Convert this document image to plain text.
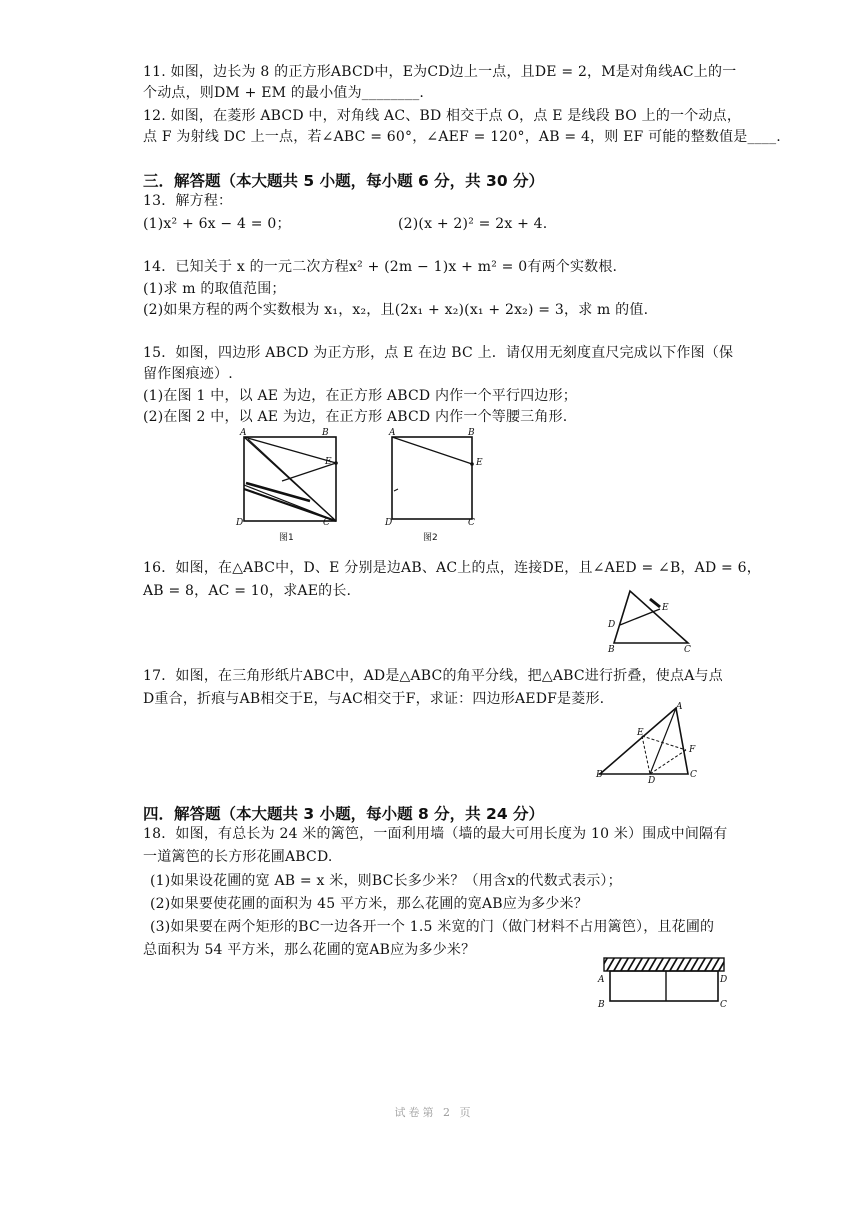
11. 如图，边长为 8 的正方形ABCD中，E为CD边上一点，且DE = 2，M是对角线AC上的一
个动点，则DM + EM 的最小值为________.
12. 如图，在菱形 ABCD 中，对角线 AC、BD 相交于点 O，点 E 是线段 BO 上的一个动点，
点 F 为射线 DC 上一点，若∠ABC = 60°，∠AEF = 120°，AB = 4，则 EF 可能的整数值是____.
三．解答题（本大题共 5 小题，每小题 6 分，共 30 分）
13．解方程：
(1)x² + 6x − 4 = 0；	(2)(x + 2)² = 2x + 4.
14．已知关于 x 的一元二次方程x² + (2m − 1)x + m² = 0有两个实数根.
(1)求 m 的取值范围；
(2)如果方程的两个实数根为 x₁，x₂，且(2x₁ + x₂)(x₁ + 2x₂) = 3，求 m 的值.
15．如图，四边形 ABCD 为正方形，点 E 在边 BC 上．请仅用无刻度直尺完成以下作图（保
留作图痕迹）.
(1)在图 1 中，以 AE 为边，在正方形 ABCD 内作一个平行四边形；
(2)在图 2 中，以 AE 为边，在正方形 ABCD 内作一个等腰三角形.
A	B
E
D	C
图1
A	B
E
D	C
图2
16．如图，在△ABC中，D、E 分别是边AB、AC上的点，连接DE，且∠AED = ∠B，AD = 6，
AB = 8，AC = 10，求AE的长.
D
E
B	C
17．如图，在三角形纸片ABC中，AD是△ABC的角平分线，把△ABC进行折叠，使点A与点
D重合，折痕与AB相交于E，与AC相交于F，求证：四边形AEDF是菱形.	A
E
F
B
D
C
四．解答题（本大题共 3 小题，每小题 8 分，共 24 分）
18．如图，有总长为 24 米的篱笆，一面利用墙（墙的最大可用长度为 10 米）围成中间隔有
一道篱笆的长方形花圃ABCD.
(1)如果设花圃的宽 AB = x 米，则BC长多少米？（用含x的代数式表示）；
(2)如果要使花圃的面积为 45 平方米，那么花圃的宽AB应为多少米？
(3)如果要在两个矩形的BC一边各开一个 1.5 米宽的门（做门材料不占用篱笆），且花圃的
总面积为 54 平方米，那么花圃的宽AB应为多少米？
A	D
B	C
试卷第 2 页
